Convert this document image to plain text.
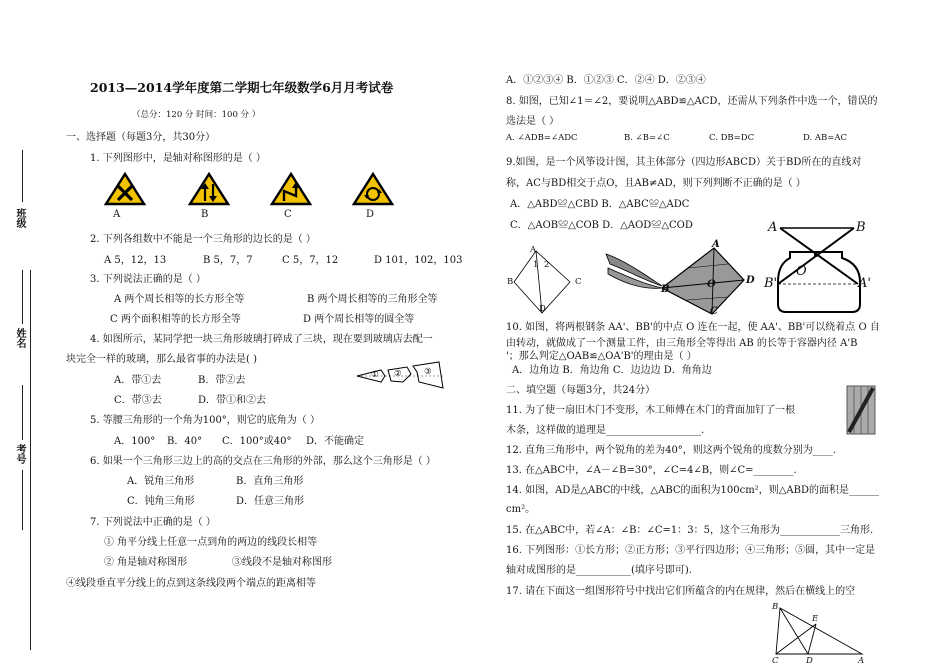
班级
姓名
考号
2013—2014学年度第二学期七年级数学6月月考试卷
（总分：120 分 时间：100 分 ）
一、选择题（每题3分，共30分）
1. 下列图形中，是轴对称图形的是（ ）
A	B	C	D
2. 下列各组数中不能是一个三角形的边长的是（ ）
A 5，12，13	B 5，7，7	C 5，7，12	D 101，102，103
3. 下列说法正确的是（ ）
A 两个周长相等的长方形全等	B 两个周长相等的三角形全等
C 两个面积相等的长方形全等	D 两个周长相等的圆全等
4. 如图所示，某同学把一块三角形玻璃打碎成了三块，现在要到玻璃店去配一
块完全一样的玻璃，那么最省事的办法是( )
A．带①去	B．带②去
C．带③去	D．带①和②去
① ②	③
5. 等腰三角形的一个角为100°，则它的底角为（ ）
A．100° B．40° C．100°或40° D．不能确定
6. 如果一个三角形三边上的高的交点在三角形的外部，那么这个三角形是（ ）
A．锐角三角形	B．直角三角形
C．钝角三角形	D．任意三角形
7. 下列说法中正确的是（ ）
① 角平分线上任意一点到角的两边的线段长相等
② 角是轴对称图形	③线段不是轴对称图形
④线段垂直平分线上的点到这条线段两个端点的距离相等
A．①②③④ B．①②③ C．②④ D．②③④
8. 如图，已知∠1＝∠2，要说明△ABD≌△ACD，还需从下列条件中选一个，错误的
选法是（ ）
A. ∠ADB=∠ADC	B. ∠B=∠C	C. DB=DC	D. AB=AC
9.如图，是一个风筝设计图，其主体部分（四边形ABCD）关于BD所在的直线对
称，AC与BD相交于点O，且AB≠AD，则下列判断不正确的是（ ）
A．△ABD≌△CBD B．△ABC≌△ADC
C．△AOB≌△COB D．△AOD≌△COD
A
1 2
B	C
D
A
B	O	D
C
A	B
O
B'	A'
10. 如图，将两根钢条 AA'、BB'的中点 O 连在一起，使 AA'、BB'可以绕着点 O 自
由转动，就做成了一个测量工件，由三角形全等得出 AB 的长等于容器内径 A'B
'；那么判定△OAB≌△OA'B'的理由是（ ）
A．边角边 B．角边角 C．边边边 D．角角边
二、填空题（每题3分，共24分）
11. 为了使一扇旧木门不变形，木工师傅在木门的背面加钉了一根
木条，这样做的道理是___________________.
12. 直角三角形中，两个锐角的差为40°，则这两个锐角的度数分别为____.
13. 在△ABC中，∠A－∠B=30°，∠C=4∠B，则∠C=________.
14. 如图，AD是△ABC的中线，△ABC的面积为100cm²，则△ABD的面积是______
cm²。
15. 在△ABC中，若∠A：∠B：∠C=1：3：5，这个三角形为____________三角形.
16. 下列图形：①长方形；②正方形；③平行四边形；④三角形；⑤圆，其中一定是
轴对成图形的是___________(填序号即可).
17. 请在下面这一组图形符号中找出它们所蕴含的内在规律，然后在横线上的空
B
E
C	D	A
